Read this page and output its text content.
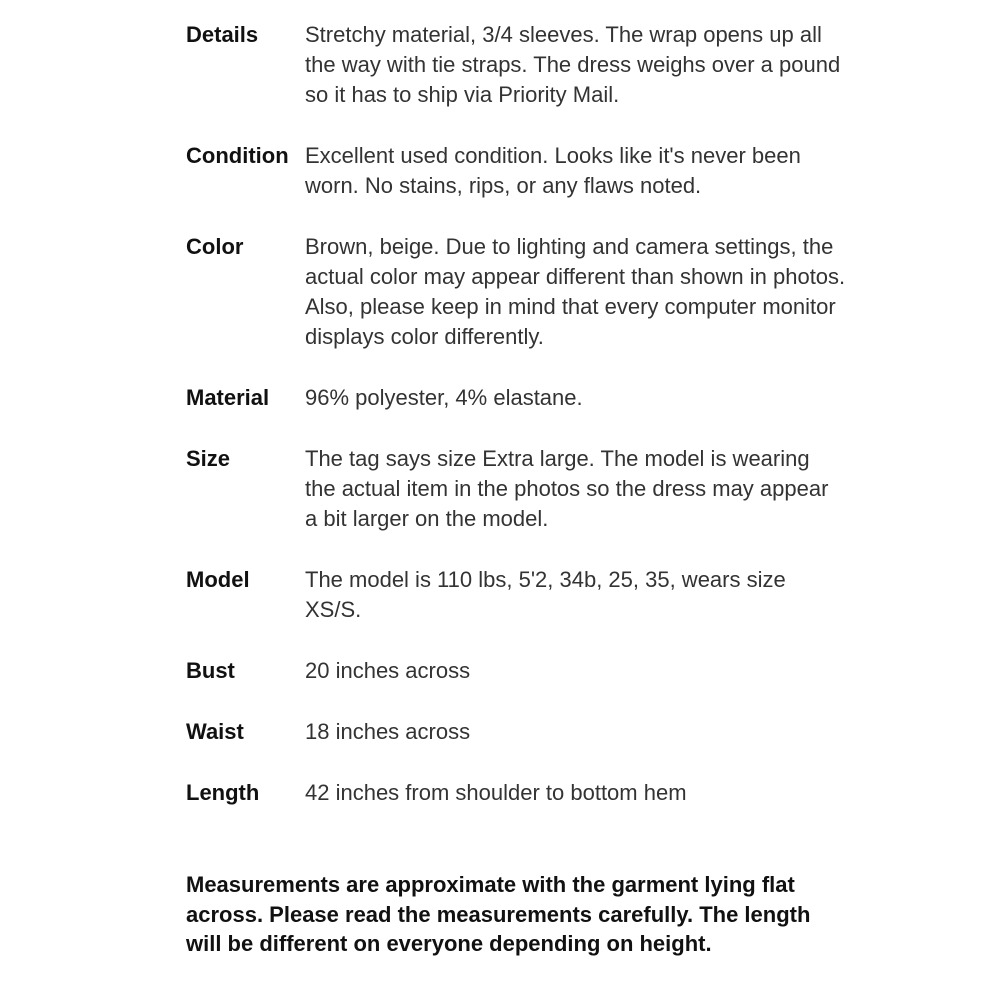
Details	Stretchy material, 3/4 sleeves. The wrap opens up all the way with tie straps. The dress weighs over a pound so it has to ship via Priority Mail.
Condition Excellent used condition. Looks like it's never been worn. No stains, rips, or any flaws noted.
Color	Brown, beige. Due to lighting and camera settings, the actual color may appear different than shown in photos. Also, please keep in mind that every computer monitor displays color differently.
Material	96% polyester, 4% elastane.
Size	The tag says size Extra large. The model is wearing the actual item in the photos so the dress may appear a bit larger on the model.
Model	The model is 110 lbs, 5'2, 34b, 25, 35, wears size XS/S.
Bust	20 inches across
Waist	18 inches across
Length	42 inches from shoulder to bottom hem
Measurements are approximate with the garment lying flat across. Please read the measurements carefully. The length will be different on everyone depending on height.
